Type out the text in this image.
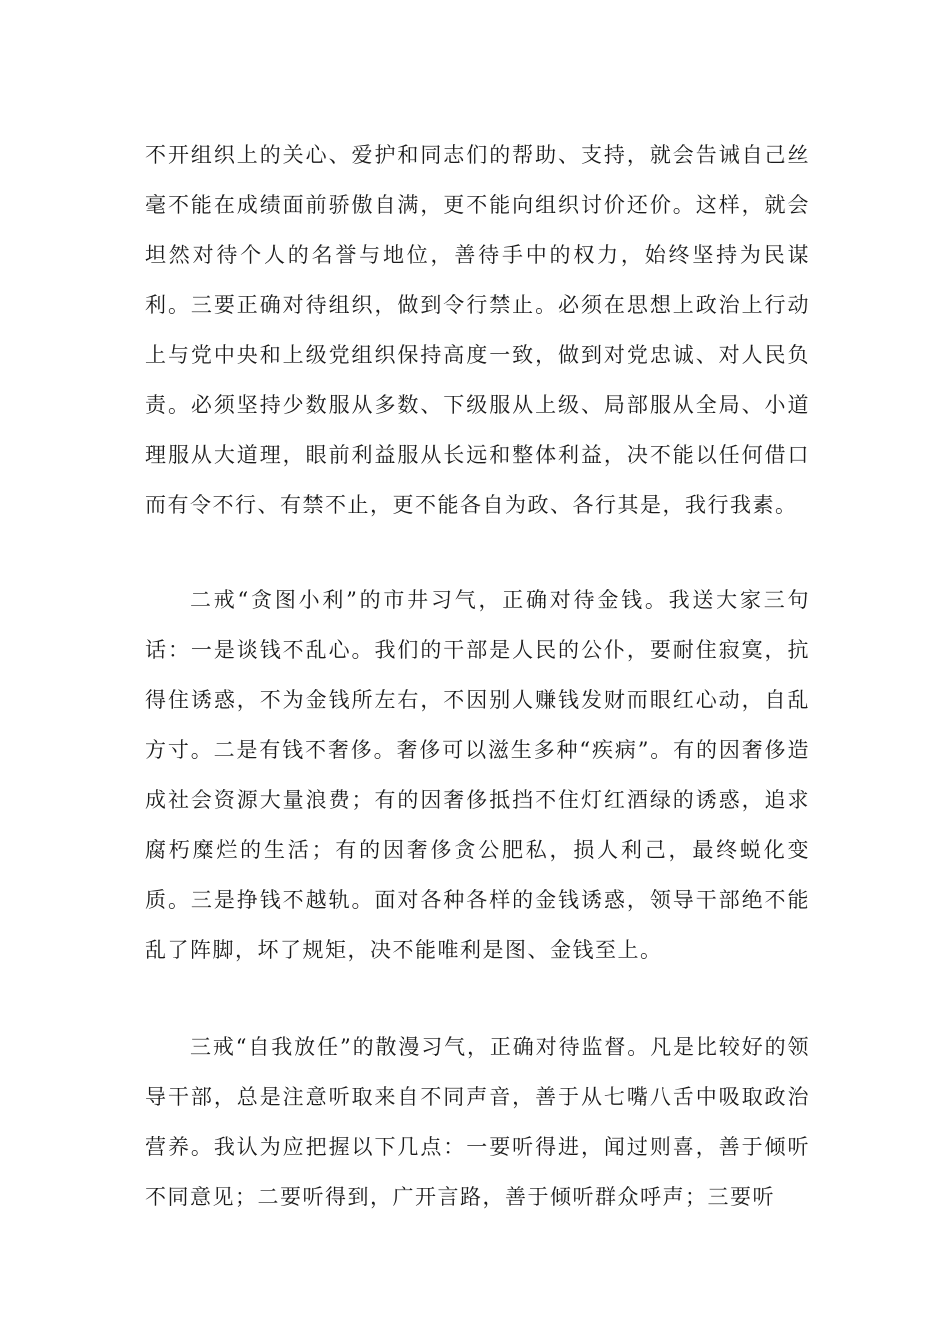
不开组织上的关心、爱护和同志们的帮助、支持，就会告诫自己丝毫不能在成绩面前骄傲自满，更不能向组织讨价还价。这样，就会坦然对待个人的名誉与地位，善待手中的权力，始终坚持为民谋利。三要正确对待组织，做到令行禁止。必须在思想上政治上行动上与党中央和上级党组织保持高度一致，做到对党忠诚、对人民负责。必须坚持少数服从多数、下级服从上级、局部服从全局、小道理服从大道理，眼前利益服从长远和整体利益，决不能以任何借口而有令不行、有禁不止，更不能各自为政、各行其是，我行我素。

二戒“贪图小利”的市井习气，正确对待金钱。我送大家三句话：一是谈钱不乱心。我们的干部是人民的公仆，要耐住寂寞，抗得住诱惑，不为金钱所左右，不因别人赚钱发财而眼红心动，自乱方寸。二是有钱不奢侈。奢侈可以滋生多种“疾病”。有的因奢侈造成社会资源大量浪费；有的因奢侈抵挡不住灯红酒绿的诱惑，追求腐朽糜烂的生活；有的因奢侈贪公肥私，损人利己，最终蜕化变质。三是挣钱不越轨。面对各种各样的金钱诱惑，领导干部绝不能乱了阵脚，坏了规矩，决不能唯利是图、金钱至上。

三戒“自我放任”的散漫习气，正确对待监督。凡是比较好的领导干部，总是注意听取来自不同声音，善于从七嘴八舌中吸取政治营养。我认为应把握以下几点：一要听得进，闻过则喜，善于倾听不同意见；二要听得到，广开言路，善于倾听群众呼声；三要听
